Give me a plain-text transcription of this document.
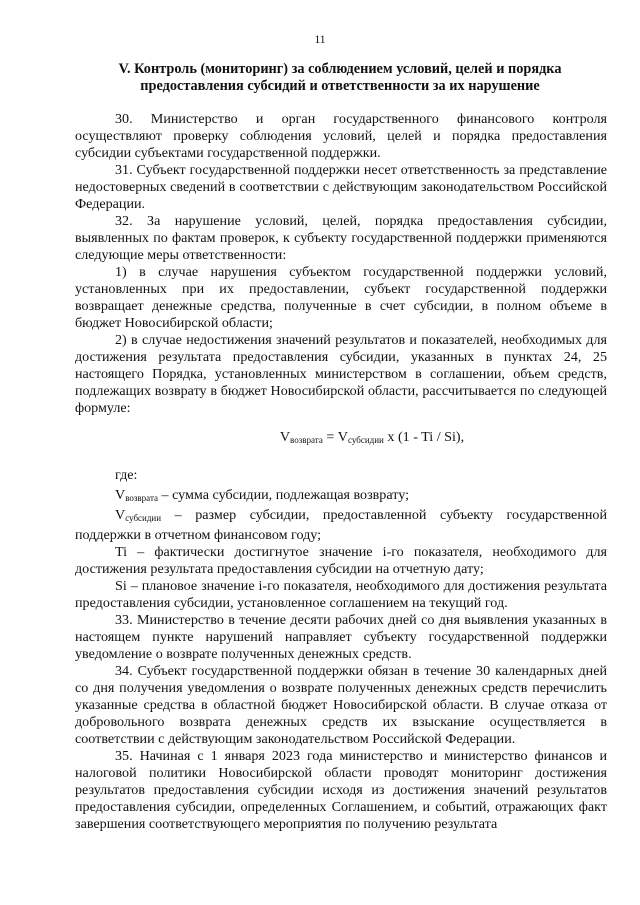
11
V. Контроль (мониторинг) за соблюдением условий, целей и порядка предоставления субсидий и ответственности за их нарушение

30. Министерство и орган государственного финансового контроля осуществляют проверку соблюдения условий, целей и порядка предоставления субсидии субъектами государственной поддержки.

31. Субъект государственной поддержки несет ответственность за представление недостоверных сведений в соответствии с действующим законодательством Российской Федерации.

32. За нарушение условий, целей, порядка предоставления субсидии, выявленных по фактам проверок, к субъекту государственной поддержки применяются следующие меры ответственности:

1) в случае нарушения субъектом государственной поддержки условий, установленных при их предоставлении, субъект государственной поддержки возвращает денежные средства, полученные в счет субсидии, в полном объеме в бюджет Новосибирской области;

2) в случае недостижения значений результатов и показателей, необходимых для достижения результата предоставления субсидии, указанных в пунктах 24, 25 настоящего Порядка, установленных министерством в соглашении, объем средств, подлежащих возврату в бюджет Новосибирской области, рассчитывается по следующей формуле:

$V_{возврата} = V_{субсидии}$ x (1 - Ti / Si),

где:

$V_{возврата}$ – сумма субсидии, подлежащая возврату;

$V_{субсидии}$ – размер субсидии, предоставленной субъекту государственной поддержки в отчетном финансовом году;

Ti – фактически достигнутое значение i-го показателя, необходимого для достижения результата предоставления субсидии на отчетную дату;

Si – плановое значение i-го показателя, необходимого для достижения результата предоставления субсидии, установленное соглашением на текущий год.

33. Министерство в течение десяти рабочих дней со дня выявления указанных в настоящем пункте нарушений направляет субъекту государственной поддержки уведомление о возврате полученных денежных средств.

34. Субъект государственной поддержки обязан в течение 30 календарных дней со дня получения уведомления о возврате полученных денежных средств перечислить указанные средства в областной бюджет Новосибирской области. В случае отказа от добровольного возврата денежных средств их взыскание осуществляется в соответствии с действующим законодательством Российской Федерации.

35. Начиная с 1 января 2023 года министерство и министерство финансов и налоговой политики Новосибирской области проводят мониторинг достижения результатов предоставления субсидии исходя из достижения значений результатов предоставления субсидии, определенных Соглашением, и событий, отражающих факт завершения соответствующего мероприятия по получению результата
